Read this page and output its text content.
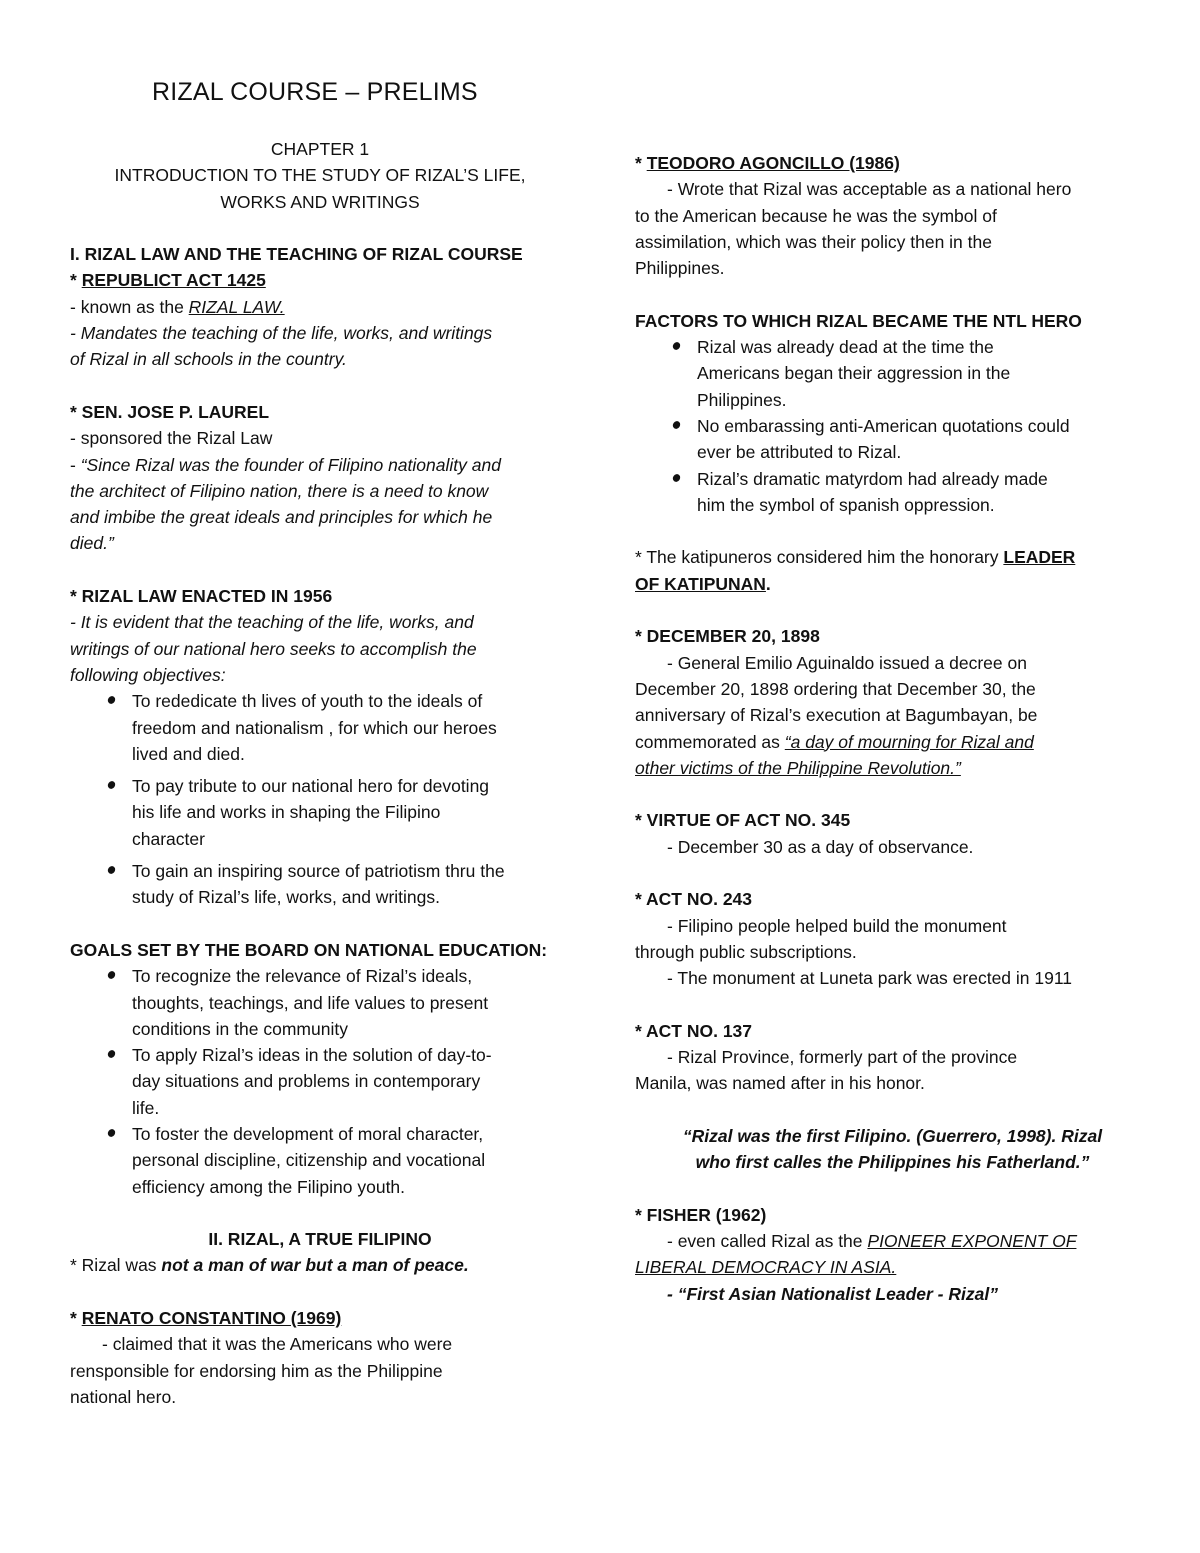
RIZAL COURSE – PRELIMS
CHAPTER 1
INTRODUCTION TO THE STUDY OF RIZAL’S LIFE,
WORKS AND WRITINGS
I. RIZAL LAW AND THE TEACHING OF RIZAL COURSE
* REPUBLICT ACT 1425
- known as the RIZAL LAW.
- Mandates the teaching of the life, works, and writings
of Rizal in all schools in the country.
* SEN. JOSE P. LAUREL
- sponsored the Rizal Law
- “Since Rizal was the founder of Filipino nationality and
the architect of Filipino nation, there is a need to know
and imbibe the great ideals and principles for which he
died.”
* RIZAL LAW ENACTED IN 1956
- It is evident that the teaching of the life, works, and
writings of our national hero seeks to accomplish the
following objectives:
To rededicate th lives of youth to the ideals of
freedom and nationalism , for which our heroes
lived and died.
To pay tribute to our national hero for devoting
his life and works in shaping the Filipino
character
To gain an inspiring source of patriotism thru the
study of Rizal’s life, works, and writings.
GOALS SET BY THE BOARD ON NATIONAL EDUCATION:
To recognize the relevance of Rizal’s ideals,
thoughts, teachings, and life values to present
conditions in the community
To apply Rizal’s ideas in the solution of day-to-
day situations and problems in contemporary
life.
To foster the development of moral character,
personal discipline, citizenship and vocational
efficiency among the Filipino youth.
II. RIZAL, A TRUE FILIPINO
* Rizal was not a man of war but a man of peace.
* RENATO CONSTANTINO (1969)
- claimed that it was the Americans who were
rensponsible for endorsing him as the Philippine
national hero.
* TEODORO AGONCILLO (1986)
- Wrote that Rizal was acceptable as a national hero
to the American because he was the symbol of
assimilation, which was their policy then in the
Philippines.
FACTORS TO WHICH RIZAL BECAME THE NTL HERO
Rizal was already dead at the time the
Americans began their aggression in the
Philippines.
No embarassing anti-American quotations could
ever be attributed to Rizal.
Rizal’s dramatic matyrdom had already made
him the symbol of spanish oppression.
* The katipuneros considered him the honorary LEADER
OF KATIPUNAN.
* DECEMBER 20, 1898
- General Emilio Aguinaldo issued a decree on
December 20, 1898 ordering that December 30, the
anniversary of Rizal’s execution at Bagumbayan, be
commemorated as “a day of mourning for Rizal and
other victims of the Philippine Revolution.”
* VIRTUE OF ACT NO. 345
- December 30 as a day of observance.
* ACT NO. 243
- Filipino people helped build the monument
through public subscriptions.
- The monument at Luneta park was erected in 1911
* ACT NO. 137
- Rizal Province, formerly part of the province
Manila, was named after in his honor.
“Rizal was the first Filipino. (Guerrero, 1998). Rizal
who first calles the Philippines his Fatherland.”
* FISHER (1962)
- even called Rizal as the PIONEER EXPONENT OF
LIBERAL DEMOCRACY IN ASIA.
- “First Asian Nationalist Leader - Rizal”
